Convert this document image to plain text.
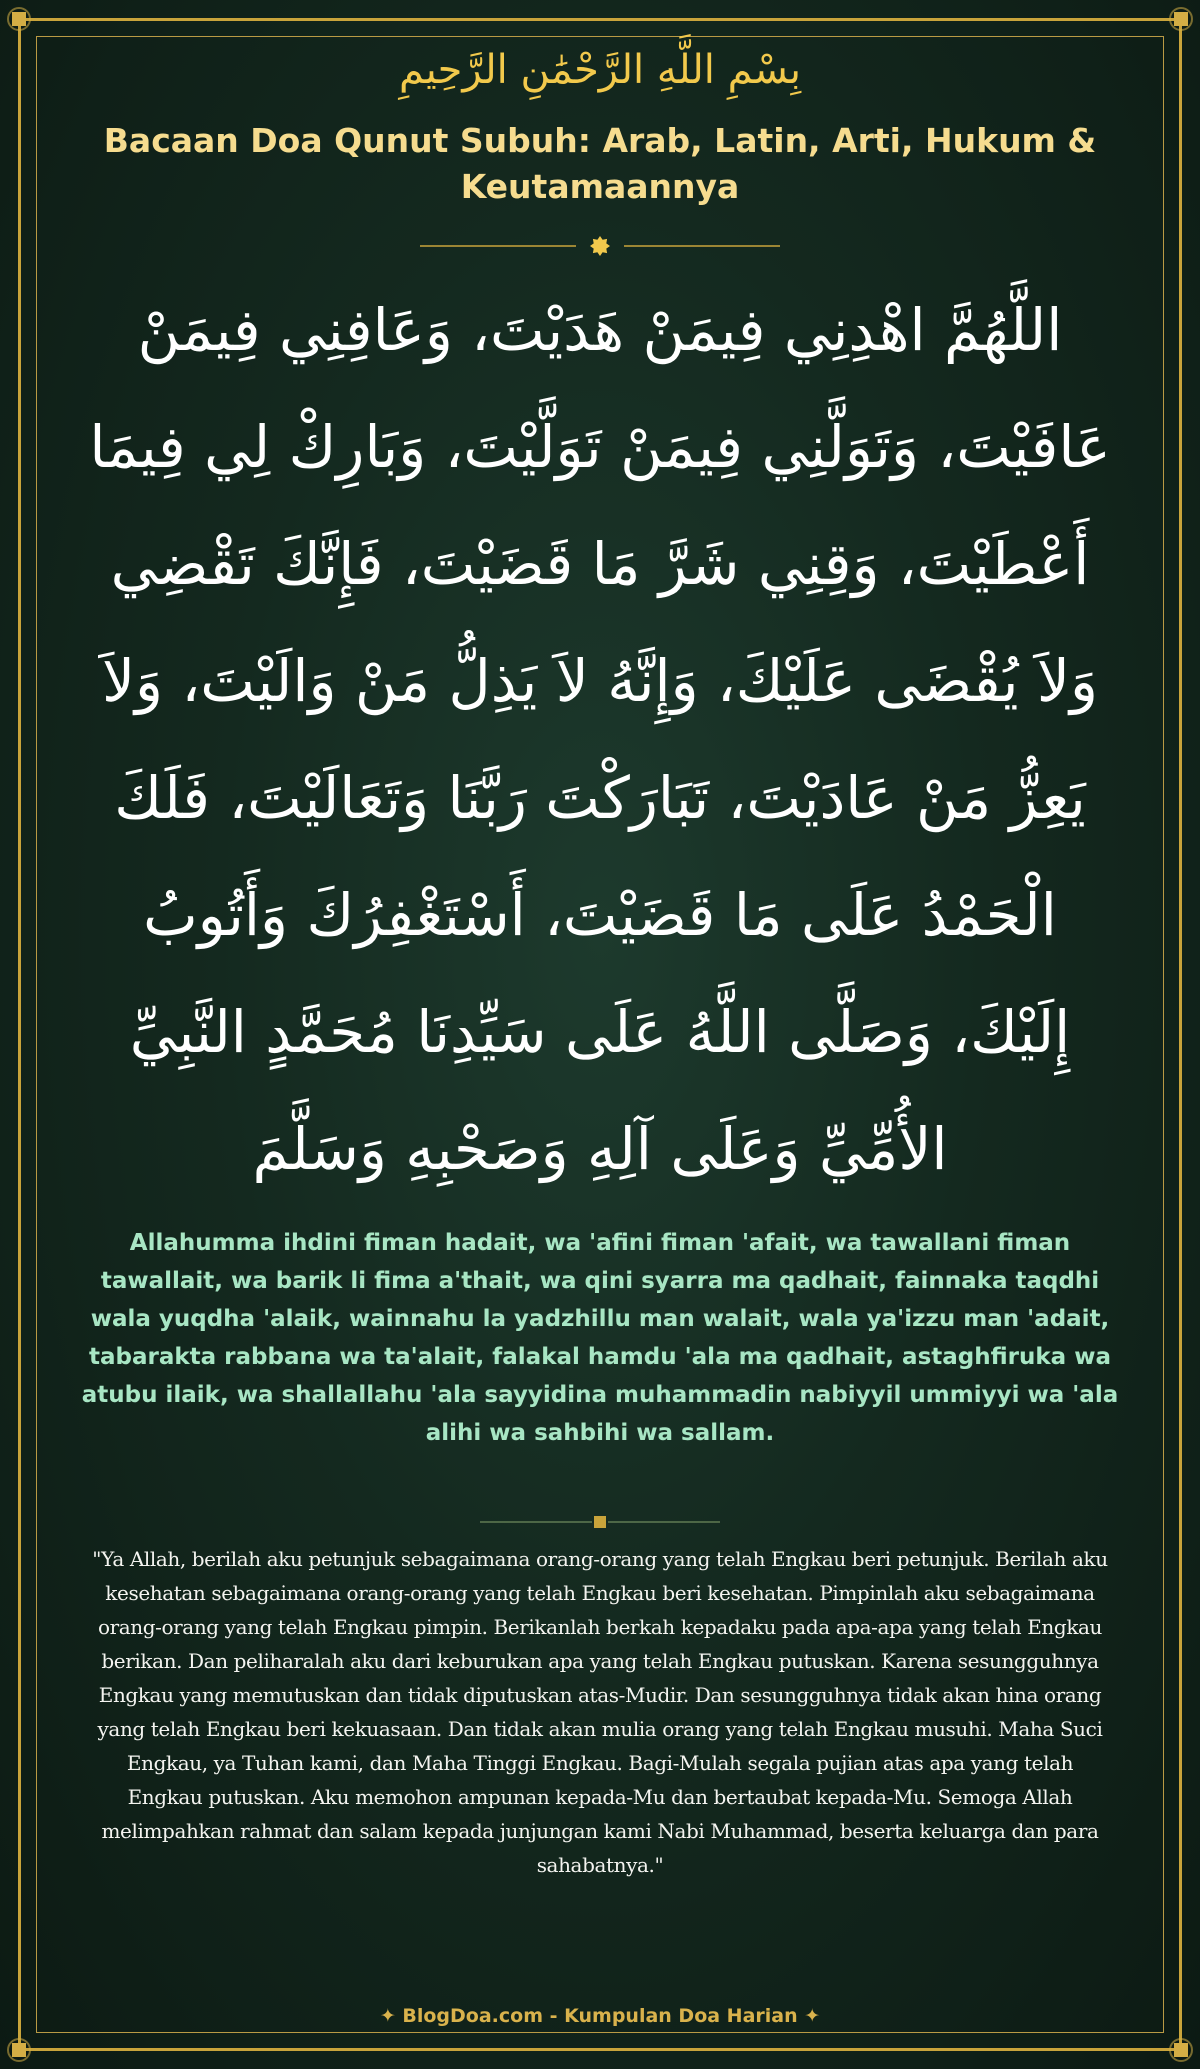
بِسْمِ اللَّهِ الرَّحْمَٰنِ الرَّحِيمِ
Bacaan Doa Qunut Subuh: Arab, Latin, Arti, Hukum & Keutamaannya
اللَّهُمَّ اهْدِنِي فِيمَنْ هَدَيْتَ، وَعَافِنِي فِيمَنْ عَافَيْتَ، وَتَوَلَّنِي فِيمَنْ تَوَلَّيْتَ، وَبَارِكْ لِي فِيمَا أَعْطَيْتَ، وَقِنِي شَرَّ مَا قَضَيْتَ، فَإِنَّكَ تَقْضِي وَلاَ يُقْضَى عَلَيْكَ، وَإِنَّهُ لاَ يَذِلُّ مَنْ وَالَيْتَ، وَلاَ يَعِزُّ مَنْ عَادَيْتَ، تَبَارَكْتَ رَبَّنَا وَتَعَالَيْتَ، فَلَكَ الْحَمْدُ عَلَى مَا قَضَيْتَ، أَسْتَغْفِرُكَ وَأَتُوبُ إِلَيْكَ، وَصَلَّى اللَّهُ عَلَى سَيِّدِنَا مُحَمَّدٍ النَّبِيِّ الأُمِّيِّ وَعَلَى آلِهِ وَصَحْبِهِ وَسَلَّمَ
Allahumma ihdini fiman hadait, wa 'afini fiman 'afait, wa tawallani fiman tawallait, wa barik li fima a'thait, wa qini syarra ma qadhait, fainnaka taqdhi wala yuqdha 'alaik, wainnahu la yadzhillu man walait, wala ya'izzu man 'adait, tabarakta rabbana wa ta'alait, falakal hamdu 'ala ma qadhait, astaghfiruka wa atubu ilaik, wa shallallahu 'ala sayyidina muhammadin nabiyyil ummiyyi wa 'ala alihi wa sahbihi wa sallam.
"Ya Allah, berilah aku petunjuk sebagaimana orang-orang yang telah Engkau beri petunjuk. Berilah aku kesehatan sebagaimana orang-orang yang telah Engkau beri kesehatan. Pimpinlah aku sebagaimana orang-orang yang telah Engkau pimpin. Berikanlah berkah kepadaku pada apa-apa yang telah Engkau berikan. Dan peliharalah aku dari keburukan apa yang telah Engkau putuskan. Karena sesungguhnya Engkau yang memutuskan dan tidak diputuskan atas-Mudir. Dan sesungguhnya tidak akan hina orang yang telah Engkau beri kekuasaan. Dan tidak akan mulia orang yang telah Engkau musuhi. Maha Suci Engkau, ya Tuhan kami, dan Maha Tinggi Engkau. Bagi-Mulah segala pujian atas apa yang telah Engkau putuskan. Aku memohon ampunan kepada-Mu dan bertaubat kepada-Mu. Semoga Allah melimpahkan rahmat dan salam kepada junjungan kami Nabi Muhammad, beserta keluarga dan para sahabatnya."
✦ BlogDoa.com - Kumpulan Doa Harian ✦
